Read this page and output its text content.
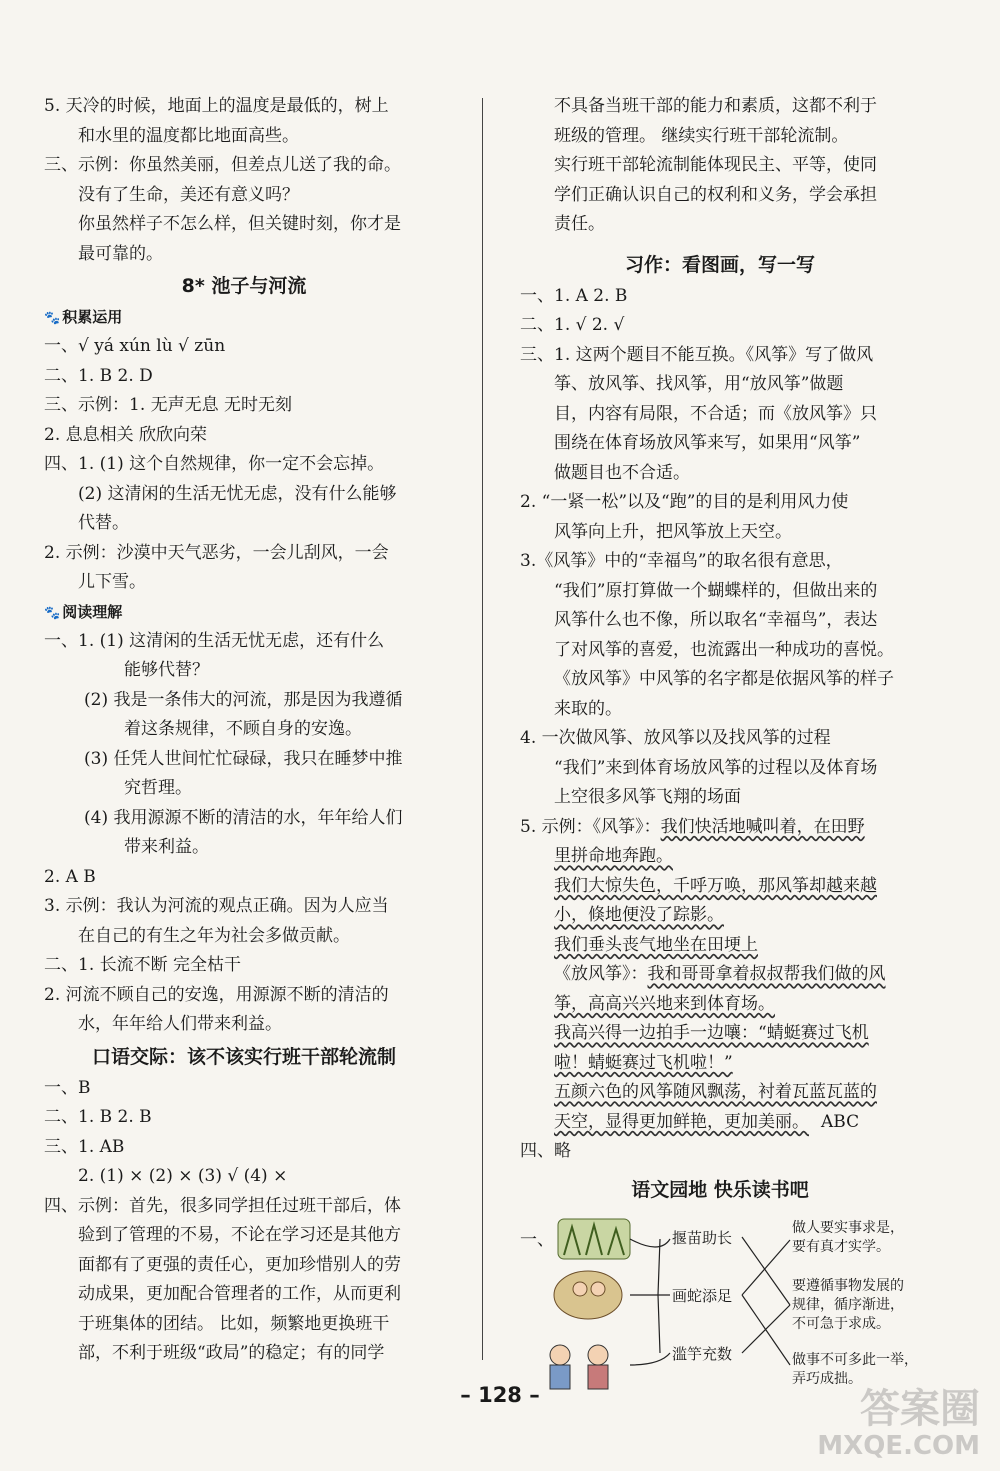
5. 天冷的时候，地面上的温度是最低的，树上
和水里的温度都比地面高些。
三、示例：你虽然美丽，但差点儿送了我的命。
没有了生命，美还有意义吗？
你虽然样子不怎么样，但关键时刻，你才是
最可靠的。
8* 池子与河流
🐾 积累运用
一、√ yá xún lù √ zūn
二、1. B 2. D
三、示例：1. 无声无息 无时无刻
2. 息息相关 欣欣向荣
四、1. (1) 这个自然规律，你一定不会忘掉。
(2) 这清闲的生活无忧无虑，没有什么能够
代替。
2. 示例：沙漠中天气恶劣，一会儿刮风，一会
儿下雪。
🐾 阅读理解
一、1. (1) 这清闲的生活无忧无虑，还有什么
能够代替？
(2) 我是一条伟大的河流，那是因为我遵循
着这条规律，不顾自身的安逸。
(3) 任凭人世间忙忙碌碌，我只在睡梦中推
究哲理。
(4) 我用源源不断的清洁的水，年年给人们
带来利益。
2. A B
3. 示例：我认为河流的观点正确。因为人应当
在自己的有生之年为社会多做贡献。
二、1. 长流不断 完全枯干
2. 河流不顾自己的安逸，用源源不断的清洁的
水，年年给人们带来利益。
口语交际：该不该实行班干部轮流制
一、B
二、1. B 2. B
三、1. AB
2. (1) × (2) × (3) √ (4) ×
四、示例：首先，很多同学担任过班干部后，体
验到了管理的不易，不论在学习还是其他方
面都有了更强的责任心，更加珍惜别人的劳
动成果，更加配合管理者的工作，从而更利
于班集体的团结。 比如，频繁地更换班干
部，不利于班级“政局”的稳定；有的同学
不具备当班干部的能力和素质，这都不利于
班级的管理。 继续实行班干部轮流制。
实行班干部轮流制能体现民主、平等，使同
学们正确认识自己的权利和义务，学会承担
责任。
习作：看图画，写一写
一、1. A 2. B
二、1. √ 2. √
三、1. 这两个题目不能互换。《风筝》写了做风
筝、放风筝、找风筝，用“放风筝”做题
目，内容有局限，不合适；而《放风筝》只
围绕在体育场放风筝来写，如果用“风筝”
做题目也不合适。
2. “一紧一松”以及“跑”的目的是利用风力使
风筝向上升，把风筝放上天空。
3.《风筝》中的“幸福鸟”的取名很有意思，
“我们”原打算做一个蝴蝶样的，但做出来的
风筝什么也不像，所以取名“幸福鸟”，表达
了对风筝的喜爱，也流露出一种成功的喜悦。
《放风筝》中风筝的名字都是依据风筝的样子
来取的。
4. 一次做风筝、放风筝以及找风筝的过程
“我们”来到体育场放风筝的过程以及体育场
上空很多风筝飞翔的场面
5. 示例：《风筝》：我们快活地喊叫着，在田野
里拼命地奔跑。
我们大惊失色，千呼万唤，那风筝却越来越
小，倏地便没了踪影。
我们垂头丧气地坐在田埂上
《放风筝》：我和哥哥拿着叔叔帮我们做的风
筝，高高兴兴地来到体育场。
我高兴得一边拍手一边嚷：“蜻蜓赛过飞机
啦！蜻蜓赛过飞机啦！”
五颜六色的风筝随风飘荡，衬着瓦蓝瓦蓝的
天空，显得更加鲜艳，更加美丽。 ABC
四、略
语文园地 快乐读书吧
一、	揠苗助长
画蛇添足
滥竽充数
做人要实事求是，
要有真才实学。
要遵循事物发展的
规律，循序渐进，
不可急于求成。
做事不可多此一举，
弄巧成拙。
– 128 –	答案圈
MXQE.COM
